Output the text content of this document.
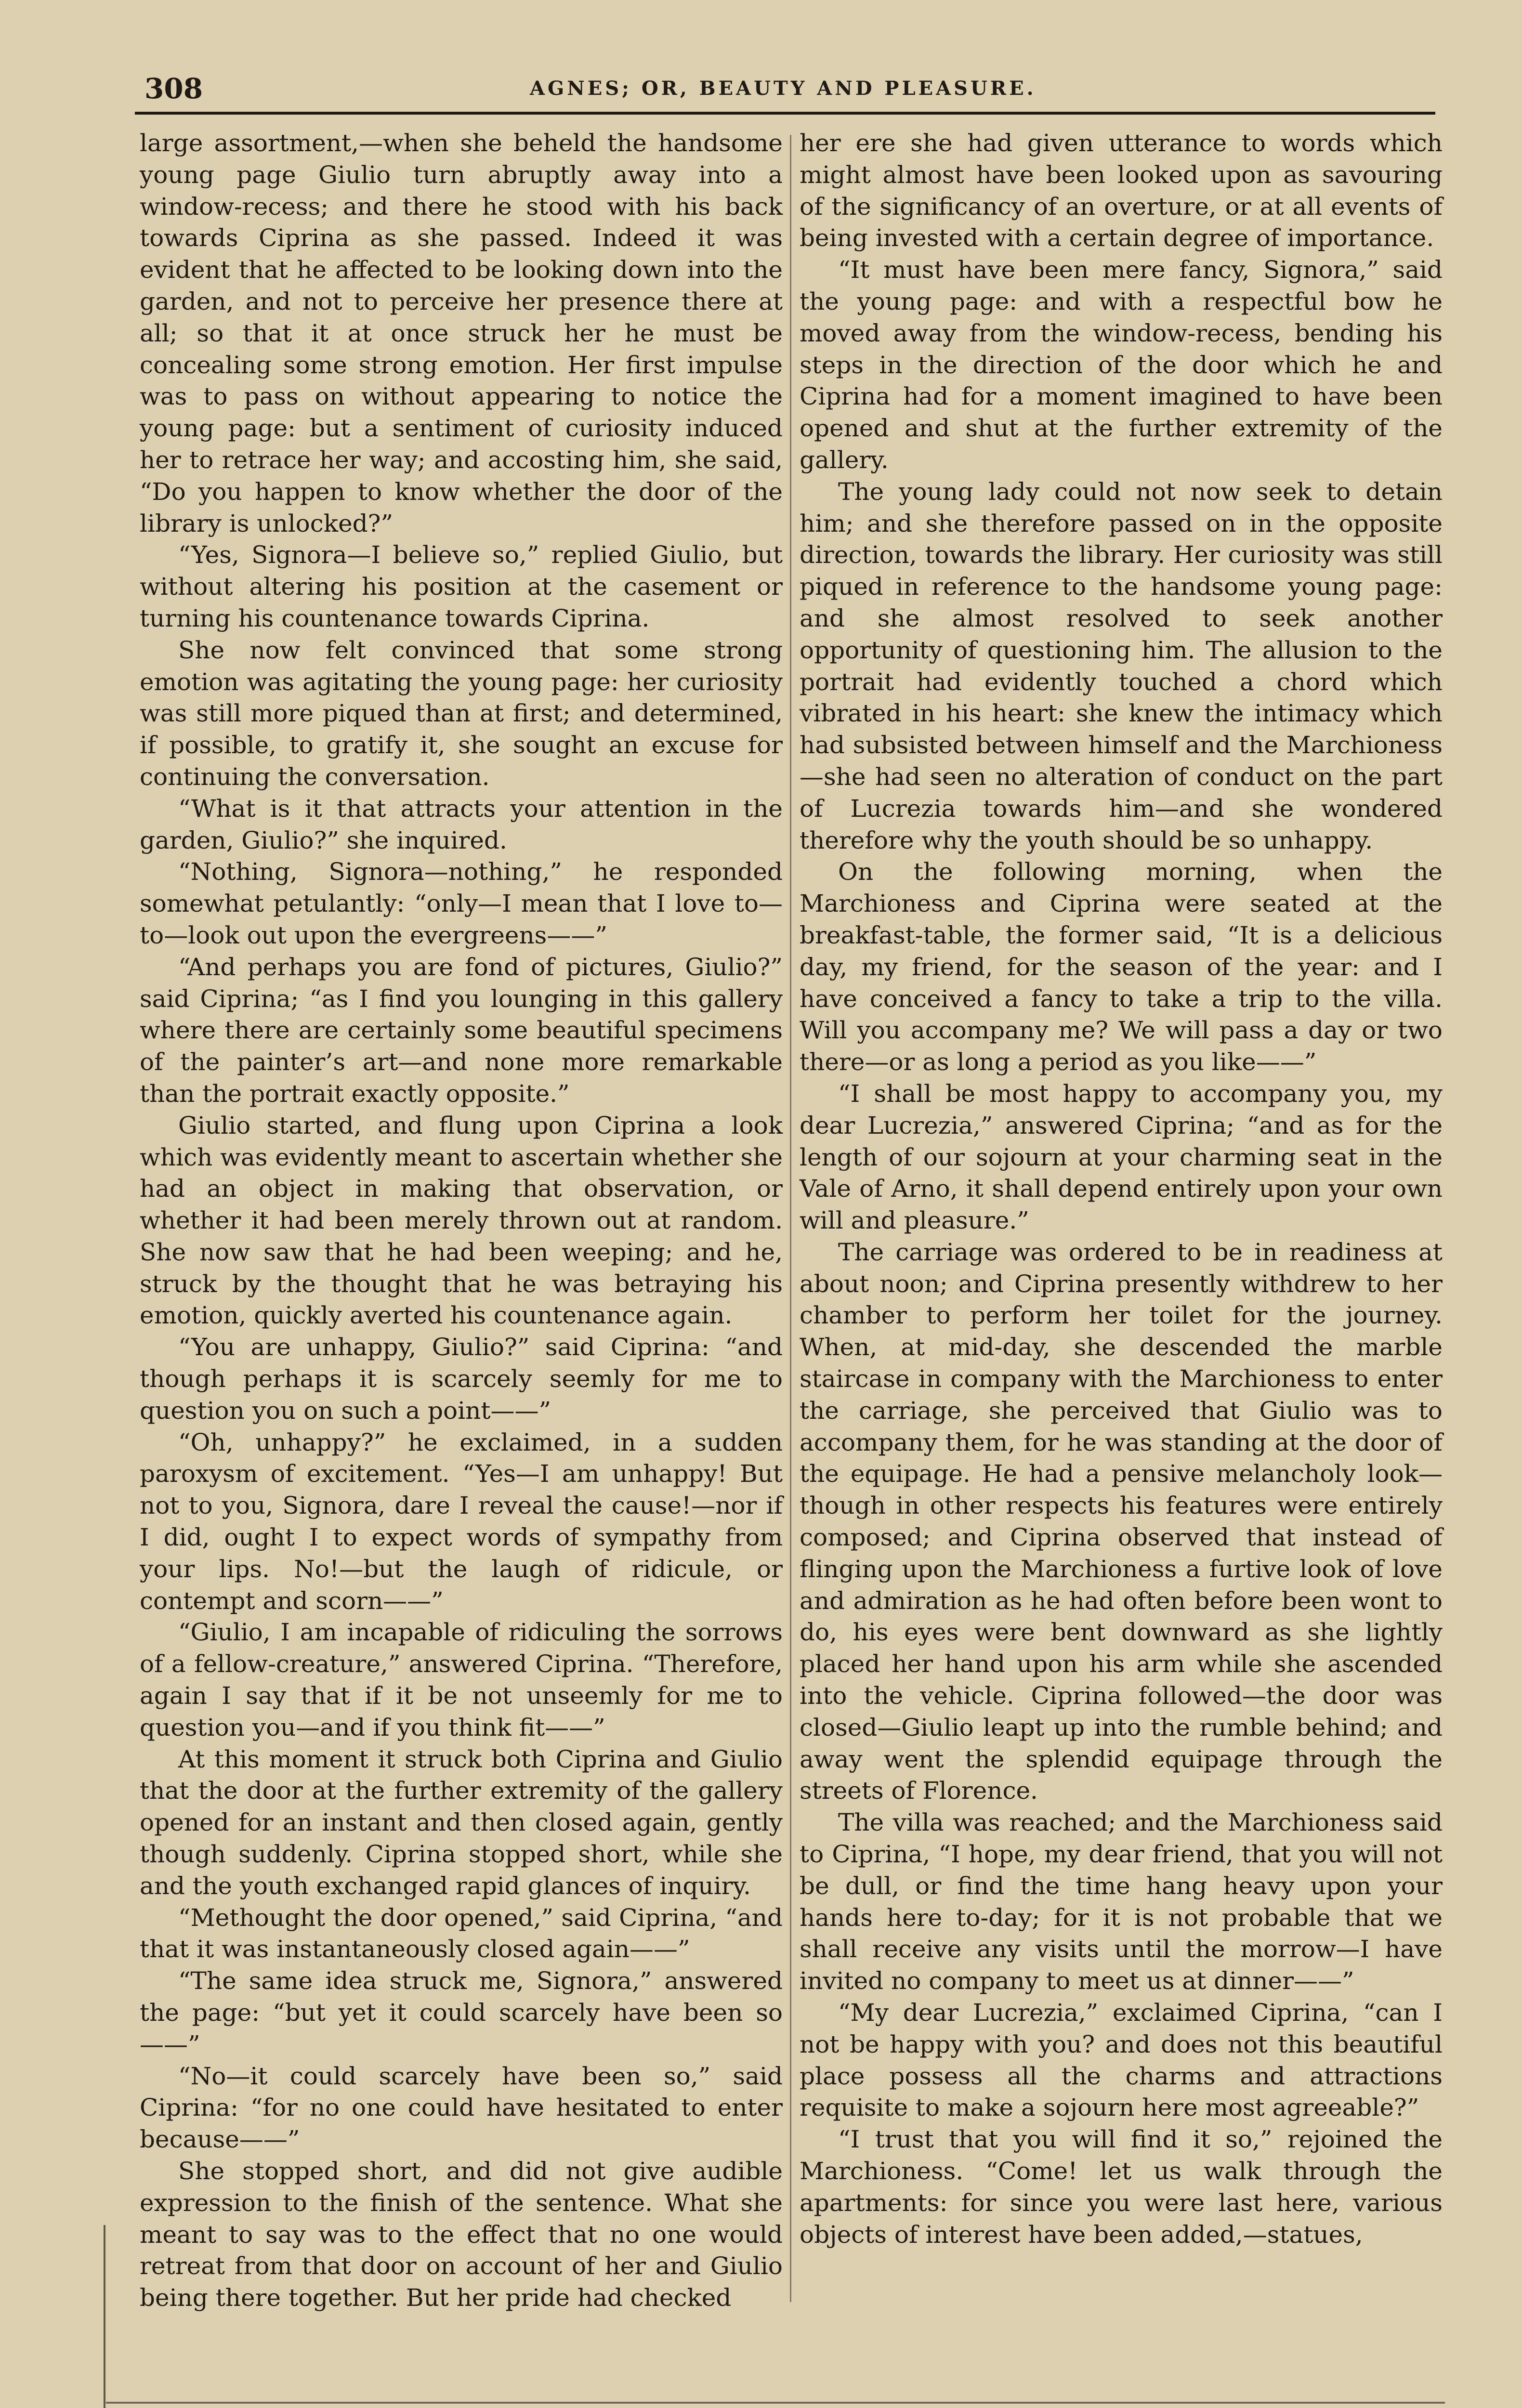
308	AGNES; OR, BEAUTY AND PLEASURE.

large assortment,—when she beheld the handsome young page Giulio turn abruptly away into a window-recess; and there he stood with his back towards Ciprina as she passed. Indeed it was evident that he affected to be looking down into the garden, and not to perceive her presence there at all; so that it at once struck her he must be concealing some strong emotion. Her first impulse was to pass on without appearing to notice the young page: but a sentiment of curiosity induced her to retrace her way; and accosting him, she said, “Do you happen to know whether the door of the library is unlocked?”

“Yes, Signora—I believe so,” replied Giulio, but without altering his position at the casement or turning his countenance towards Ciprina.

She now felt convinced that some strong emotion was agitating the young page: her curiosity was still more piqued than at first; and determined, if possible, to gratify it, she sought an excuse for continuing the conversation.

“What is it that attracts your attention in the garden, Giulio?” she inquired.

“Nothing, Signora—nothing,” he responded somewhat petulantly: “only—I mean that I love to—to—look out upon the evergreens——”

“And perhaps you are fond of pictures, Giulio?” said Ciprina; “as I find you lounging in this gallery where there are certainly some beautiful specimens of the painter’s art—and none more remarkable than the portrait exactly opposite.”

Giulio started, and flung upon Ciprina a look which was evidently meant to ascertain whether she had an object in making that observation, or whether it had been merely thrown out at random. She now saw that he had been weeping; and he, struck by the thought that he was betraying his emotion, quickly averted his countenance again.

“You are unhappy, Giulio?” said Ciprina: “and though perhaps it is scarcely seemly for me to question you on such a point——”

“Oh, unhappy?” he exclaimed, in a sudden paroxysm of excitement. “Yes—I am unhappy! But not to you, Signora, dare I reveal the cause!—nor if I did, ought I to expect words of sympathy from your lips. No!—but the laugh of ridicule, or contempt and scorn——”

“Giulio, I am incapable of ridiculing the sorrows of a fellow-creature,” answered Ciprina. “Therefore, again I say that if it be not unseemly for me to question you—and if you think fit——”

At this moment it struck both Ciprina and Giulio that the door at the further extremity of the gallery opened for an instant and then closed again, gently though suddenly. Ciprina stopped short, while she and the youth exchanged rapid glances of inquiry.

“Methought the door opened,” said Ciprina, “and that it was instantaneously closed again——”

“The same idea struck me, Signora,” answered the page: “but yet it could scarcely have been so——”

“No—it could scarcely have been so,” said Ciprina: “for no one could have hesitated to enter because——”

She stopped short, and did not give audible expression to the finish of the sentence. What she meant to say was to the effect that no one would retreat from that door on account of her and Giulio being there together. But her pride had checked

her ere she had given utterance to words which might almost have been looked upon as savouring of the significancy of an overture, or at all events of being invested with a certain degree of importance.

“It must have been mere fancy, Signora,” said the young page: and with a respectful bow he moved away from the window-recess, bending his steps in the direction of the door which he and Ciprina had for a moment imagined to have been opened and shut at the further extremity of the gallery.

The young lady could not now seek to detain him; and she therefore passed on in the opposite direction, towards the library. Her curiosity was still piqued in reference to the handsome young page: and she almost resolved to seek another opportunity of questioning him. The allusion to the portrait had evidently touched a chord which vibrated in his heart: she knew the intimacy which had subsisted between himself and the Marchioness—she had seen no alteration of conduct on the part of Lucrezia towards him—and she wondered therefore why the youth should be so unhappy.

On the following morning, when the Marchioness and Ciprina were seated at the breakfast-table, the former said, “It is a delicious day, my friend, for the season of the year: and I have conceived a fancy to take a trip to the villa. Will you accompany me? We will pass a day or two there—or as long a period as you like——”

“I shall be most happy to accompany you, my dear Lucrezia,” answered Ciprina; “and as for the length of our sojourn at your charming seat in the Vale of Arno, it shall depend entirely upon your own will and pleasure.”

The carriage was ordered to be in readiness at about noon; and Ciprina presently withdrew to her chamber to perform her toilet for the journey. When, at mid-day, she descended the marble staircase in company with the Marchioness to enter the carriage, she perceived that Giulio was to accompany them, for he was standing at the door of the equipage. He had a pensive melancholy look—though in other respects his features were entirely composed; and Ciprina observed that instead of flinging upon the Marchioness a furtive look of love and admiration as he had often before been wont to do, his eyes were bent downward as she lightly placed her hand upon his arm while she ascended into the vehicle. Ciprina followed—the door was closed—Giulio leapt up into the rumble behind; and away went the splendid equipage through the streets of Florence.

The villa was reached; and the Marchioness said to Ciprina, “I hope, my dear friend, that you will not be dull, or find the time hang heavy upon your hands here to-day; for it is not probable that we shall receive any visits until the morrow—I have invited no company to meet us at dinner——”

“My dear Lucrezia,” exclaimed Ciprina, “can I not be happy with you? and does not this beautiful place possess all the charms and attractions requisite to make a sojourn here most agreeable?”

“I trust that you will find it so,” rejoined the Marchioness. “Come! let us walk through the apartments: for since you were last here, various objects of interest have been added,—statues,
